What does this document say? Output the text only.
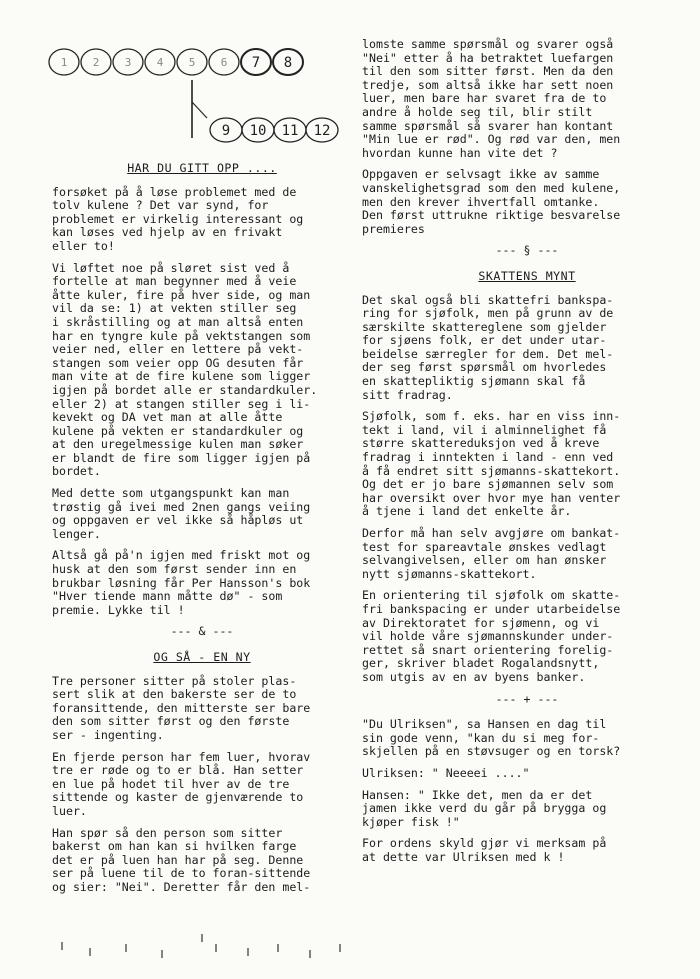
7 8
9 10 11 12
1 2 3 4 5 6
HAR DU GITT OPP ....

forsøket på å løse problemet med de
tolv kulene ? Det var synd, for
problemet er virkelig interessant og
kan løses ved hjelp av en frivakt
eller to!

Vi løftet noe på sløret sist ved å
fortelle at man begynner med å veie
åtte kuler, fire på hver side, og man
vil da se: 1) at vekten stiller seg
i skråstilling og at man altså enten
har en tyngre kule på vektstangen som
veier ned, eller en lettere på vekt-
stangen som veier opp OG desuten får
man vite at de fire kulene som ligger
igjen på bordet alle er standardkuler.
eller 2) at stangen stiller seg i li-
kevekt og DA vet man at alle åtte
kulene på vekten er standardkuler og
at den uregelmessige kulen man søker
er blandt de fire som ligger igjen på
bordet.

Med dette som utgangspunkt kan man
trøstig gå ivei med 2nen gangs veiing
og oppgaven er vel ikke så håpløs ut
lenger.

Altså gå på'n igjen med friskt mot og
husk at den som først sender inn en
brukbar løsning får Per Hansson's bok
"Hver tiende mann måtte dø" - som
premie. Lykke til !

--- & ---
OG SÅ - EN NY

Tre personer sitter på stoler plas-
sert slik at den bakerste ser de to
foransittende, den mitterste ser bare
den som sitter først og den første
ser - ingenting.

En fjerde person har fem luer, hvorav
tre er røde og to er blå. Han setter
en lue på hodet til hver av de tre
sittende og kaster de gjenværende to
luer.

Han spør så den person som sitter
bakerst om han kan si hvilken farge
det er på luen han har på seg. Denne
ser på luene til de to foran-sittende
og sier: "Nei". Deretter får den mel-

lomste samme spørsmål og svarer også
"Nei" etter å ha betraktet luefargen
til den som sitter først. Men da den
tredje, som altså ikke har sett noen
luer, men bare har svaret fra de to
andre å holde seg til, blir stilt
samme spørsmål så svarer han kontant
"Min lue er rød". Og rød var den, men
hvordan kunne han vite det ?

Oppgaven er selvsagt ikke av samme
vanskelighetsgrad som den med kulene,
men den krever ihvertfall omtanke.
Den først uttrukne riktige besvarelse
premieres

--- § ---
SKATTENS MYNT

Det skal også bli skattefri bankspa-
ring for sjøfolk, men på grunn av de
særskilte skattereglene som gjelder
for sjøens folk, er det under utar-
beidelse særregler for dem. Det mel-
der seg først spørsmål om hvorledes
en skattepliktig sjømann skal få
sitt fradrag.

Sjøfolk, som f. eks. har en viss inn-
tekt i land, vil i alminnelighet få
større skattereduksjon ved å kreve
fradrag i inntekten i land - enn ved
å få endret sitt sjømanns-skattekort.
Og det er jo bare sjømannen selv som
har oversikt over hvor mye han venter
å tjene i land det enkelte år.

Derfor må han selv avgjøre om bankat-
test for spareavtale ønskes vedlagt
selvangivelsen, eller om han ønsker
nytt sjømanns-skattekort.

En orientering til sjøfolk om skatte-
fri bankspacing er under utarbeidelse
av Direktoratet for sjømenn, og vi
vil holde våre sjømannskunder under-
rettet så snart orientering forelig-
ger, skriver bladet Rogalandsnytt,
som utgis av en av byens banker.

--- + ---

"Du Ulriksen", sa Hansen en dag til
sin gode venn, "kan du si meg for-
skjellen på en støvsuger og en torsk?

Ulriksen: " Neeeei ...."

Hansen: " Ikke det, men da er det
jamen ikke verd du går på brygga og
kjøper fisk !"

For ordens skyld gjør vi merksam på
at dette var Ulriksen med k !
